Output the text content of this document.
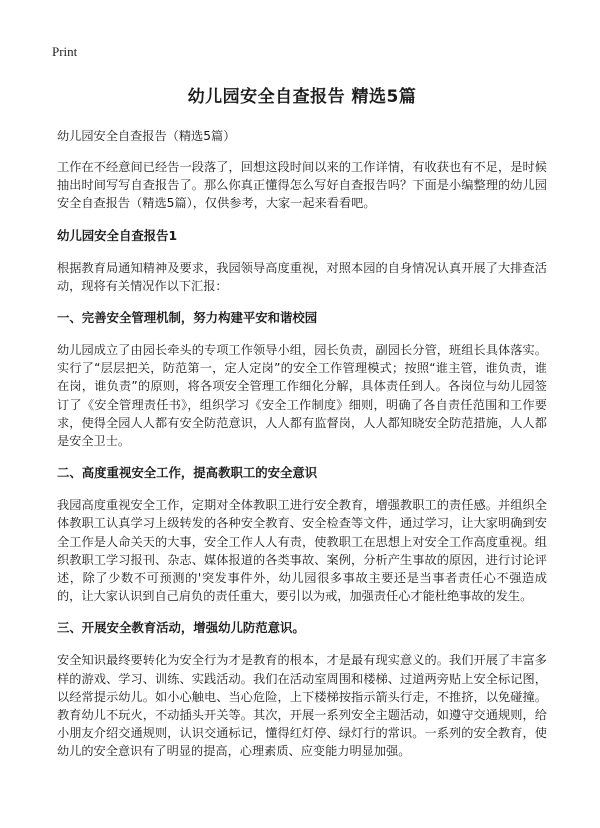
Print
幼儿园安全自查报告 精选5篇
幼儿园安全自查报告（精选5篇）

工作在不经意间已经告一段落了，回想这段时间以来的工作详情，有收获也有不足，是时候抽出时间写写自查报告了。那么你真正懂得怎么写好自查报告吗？下面是小编整理的幼儿园安全自查报告（精选5篇），仅供参考，大家一起来看看吧。

幼儿园安全自查报告1

根据教育局通知精神及要求，我园领导高度重视，对照本园的自身情况认真开展了大排查活动，现将有关情况作以下汇报：

一、完善安全管理机制，努力构建平安和谐校园

幼儿园成立了由园长牵头的专项工作领导小组，园长负责，副园长分管，班组长具体落实。实行了“层层把关，防范第一，定人定岗”的安全工作管理模式；按照“谁主管，谁负责，谁在岗，谁负责”的原则，将各项安全管理工作细化分解，具体责任到人。各岗位与幼儿园签订了《安全管理责任书》，组织学习《安全工作制度》细则，明确了各自责任范围和工作要求，使得全园人人都有安全防范意识，人人都有监督岗，人人都知晓安全防范措施，人人都是安全卫士。

二、高度重视安全工作，提高教职工的安全意识

我园高度重视安全工作，定期对全体教职工进行安全教育，增强教职工的责任感。并组织全体教职工认真学习上级转发的各种安全教育、安全检查等文件，通过学习，让大家明确到安全工作是人命关天的大事，安全工作人人有责，使教职工在思想上对安全工作高度重视。组织教职工学习报刊、杂志、媒体报道的各类事故、案例，分析产生事故的原因，进行讨论评述，除了少数不可预测的'突发事件外，幼儿园很多事故主要还是当事者责任心不强造成的，让大家认识到自己肩负的责任重大，要引以为戒，加强责任心才能杜绝事故的发生。

三、开展安全教育活动，增强幼儿防范意识。

安全知识最终要转化为安全行为才是教育的根本，才是最有现实意义的。我们开展了丰富多样的游戏、学习、训练、实践活动。我们在活动室周围和楼梯、过道两旁贴上安全标记图，以经常提示幼儿。如小心触电、当心危险，上下楼梯按指示箭头行走，不推挤，以免碰撞。教育幼儿不玩火，不动插头开关等。其次，开展一系列安全主题活动，如遵守交通规则，给小朋友介绍交通规则，认识交通标记，懂得红灯停、绿灯行的常识。一系列的安全教育，使幼儿的安全意识有了明显的提高，心理素质、应变能力明显加强。
